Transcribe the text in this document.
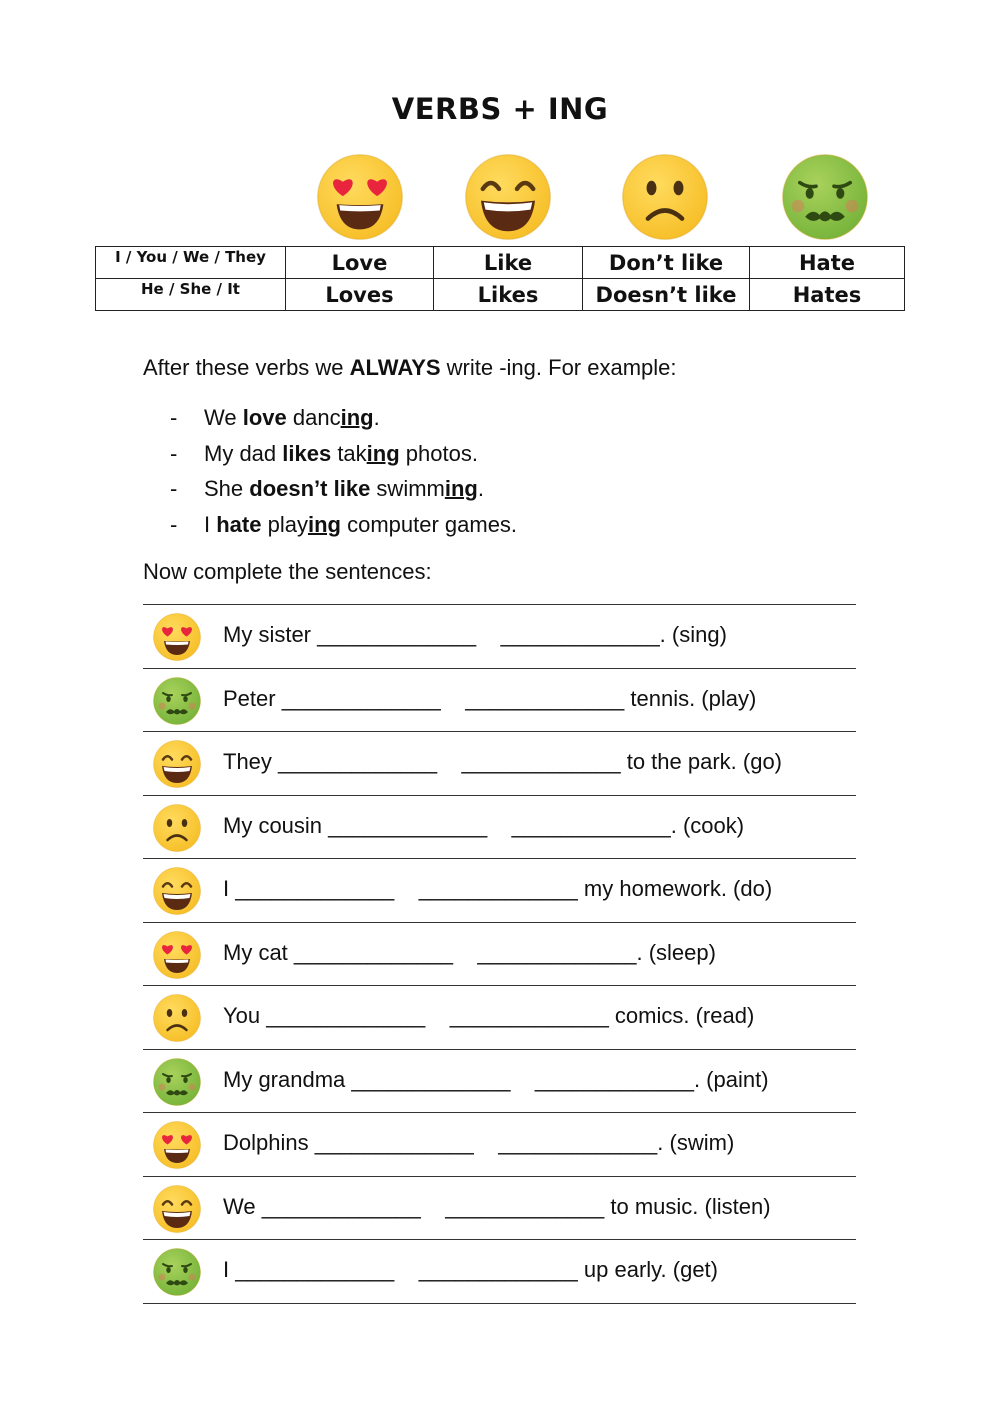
VERBS + ING
I / You / We / They	Love	Like	Don’t like	Hate
He / She / It	Loves	Likes	Doesn’t like	Hates
After these verbs we ALWAYS write -ing. For example:
- We love dancing.
- My dad likes taking photos.
- She doesn’t like swimming.
- I hate playing computer games.
Now complete the sentences:
My sister _____________    _____________. (sing)
Peter _____________    _____________ tennis. (play)
They _____________    _____________ to the park. (go)
My cousin _____________    _____________. (cook)
I _____________    _____________ my homework. (do)
My cat _____________    _____________. (sleep)
You _____________    _____________ comics. (read)
My grandma _____________    _____________. (paint)
Dolphins _____________    _____________. (swim)
We _____________    _____________ to music. (listen)
I _____________    _____________ up early. (get)
